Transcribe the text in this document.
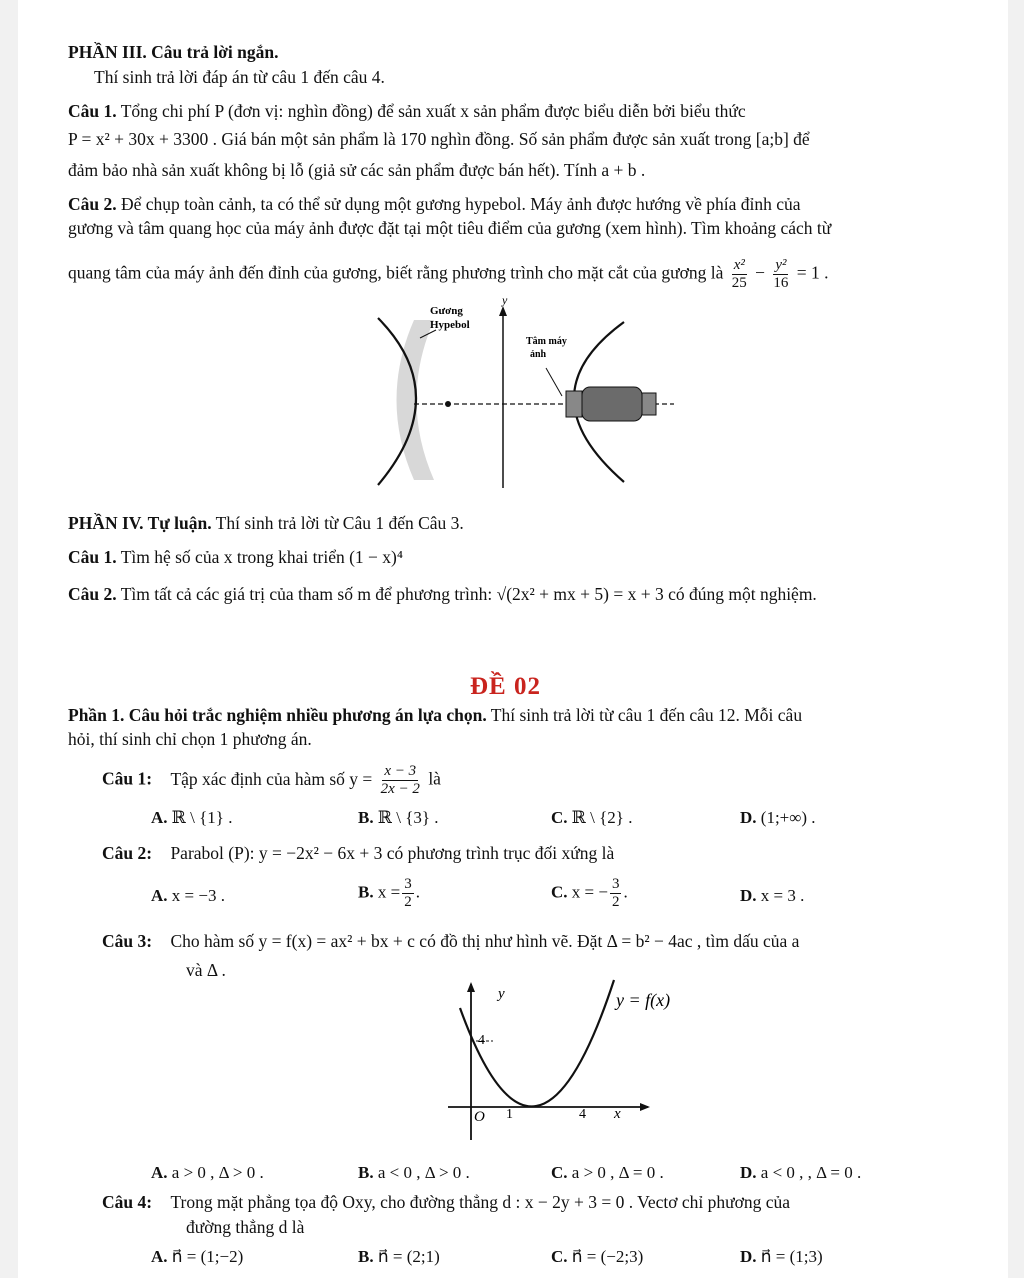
PHẦN III. Câu trả lời ngắn.
Thí sinh trả lời đáp án từ câu 1 đến câu 4.
Câu 1. Tổng chi phí P (đơn vị: nghìn đồng) để sản xuất x sản phẩm được biểu diễn bởi biểu thức
P = x² + 30x + 3300 . Giá bán một sản phẩm là 170 nghìn đồng. Số sản phẩm được sản xuất trong [a;b] để
đảm bảo nhà sản xuất không bị lỗ (giả sử các sản phẩm được bán hết). Tính a + b .
Câu 2. Để chụp toàn cảnh, ta có thể sử dụng một gương hypebol. Máy ảnh được hướng về phía đỉnh của
gương và tâm quang học của máy ảnh được đặt tại một tiêu điểm của gương (xem hình). Tìm khoảng cách từ
quang tâm của máy ảnh đến đỉnh của gương, biết rằng phương trình cho mặt cắt của gương là $\frac{\text{x²}}{25} - \frac{\text{y²}}{16} = 1$ .
Gương
Hypebol
Tâm máy
ảnh
y
PHẦN IV. Tự luận. Thí sinh trả lời từ Câu 1 đến Câu 3.
Câu 1. Tìm hệ số của x trong khai triển (1 − x)⁴
Câu 2. Tìm tất cả các giá trị của tham số m để phương trình: √(2x² + mx + 5) = x + 3 có đúng một nghiệm.
ĐỀ 02
Phần 1. Câu hỏi trắc nghiệm nhiều phương án lựa chọn. Thí sinh trả lời từ câu 1 đến câu 12. Mỗi câu
hỏi, thí sinh chỉ chọn 1 phương án.
Câu 1: Tập xác định của hàm số $y = \frac{x - 3}{2x - 2}$ là
A. ℝ \ {1} .	B. ℝ \ {3} .	C. ℝ \ {2} .	D. (1;+∞) .
Câu 2: Parabol (P): y = −2x² − 6x + 3 có phương trình trục đối xứng là
A. x = −3 .	B. $x = \frac{3}{2}$ .	C. x = − $\frac{3}{2}$ .	D. x = 3 .
Câu 3: Cho hàm số y = f(x) = ax² + bx + c có đồ thị như hình vẽ. Đặt Δ = b² − 4ac , tìm dấu của a
và Δ .
y	y = f(x)
4
O 1	4 x
A. a > 0 , Δ > 0 .	B. a < 0 , Δ > 0 .	C. a > 0 , Δ = 0 .	D. a < 0 , , Δ = 0 .
Câu 4: Trong mặt phẳng tọa độ Oxy, cho đường thẳng d : x − 2y + 3 = 0 . Vectơ chỉ phương của
đường thẳng d là
A. n⃗ = (1;−2)	B. n⃗ = (2;1)	C. n⃗ = (−2;3)	D. n⃗ = (1;3)
